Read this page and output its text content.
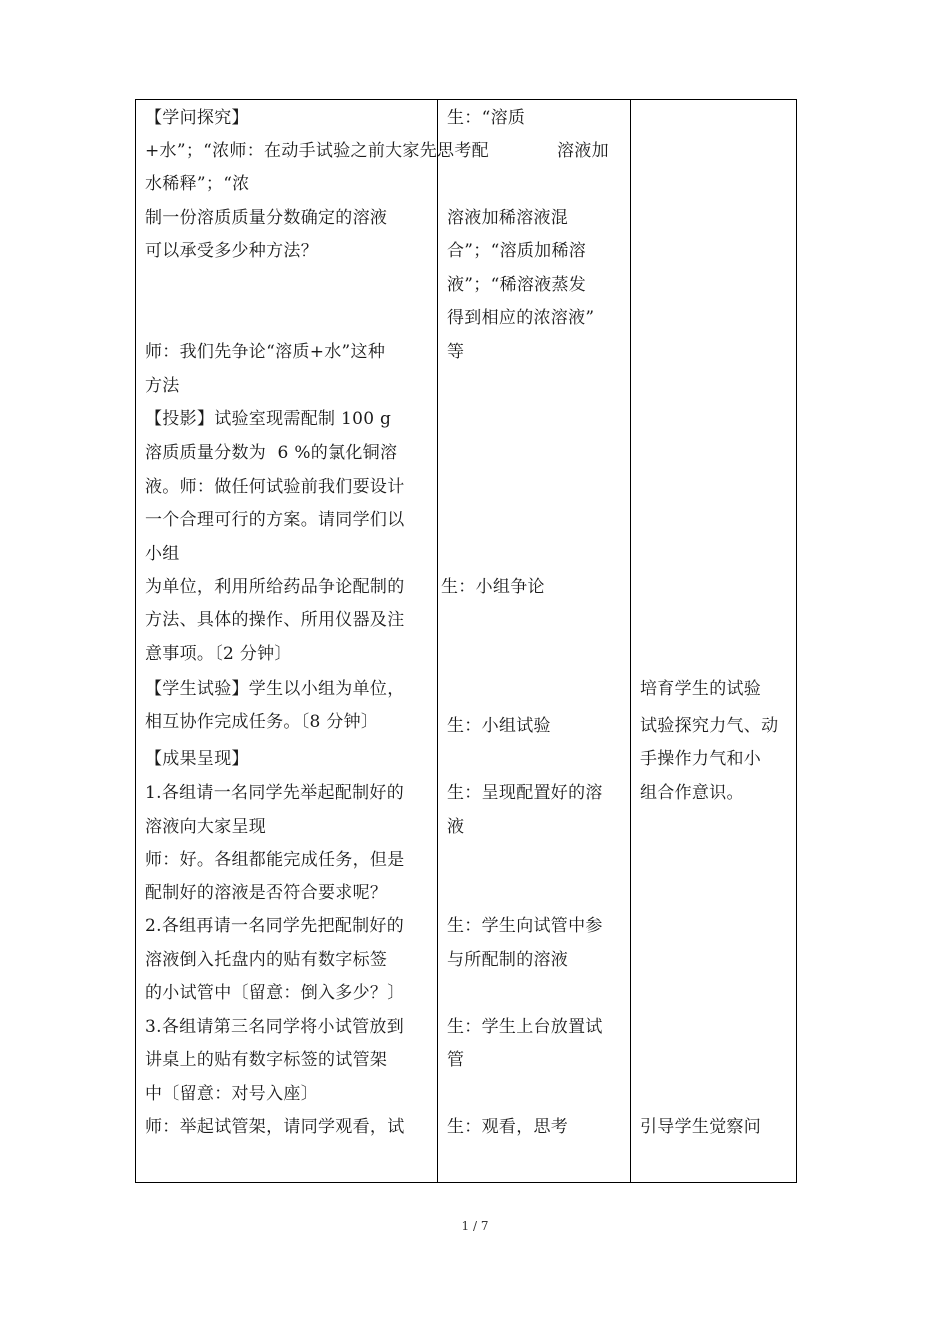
【学问探究】
+水”；“浓师：在动手试验之前大家先思考配
水稀释”；“浓
制一份溶质质量分数确定的溶液
可以承受多少种方法？
师：我们先争论“溶质+水”这种
方法
【投影】试验室现需配制 100 g
溶质质量分数为  6 %的氯化铜溶
液。师：做任何试验前我们要设计
一个合理可行的方案。请同学们以
小组
为单位，利用所给药品争论配制的
方法、具体的操作、所用仪器及注
意事项。〔2 分钟〕
【学生试验】学生以小组为单位，
相互协作完成任务。〔8 分钟〕
【成果呈现】
1.各组请一名同学先举起配制好的
溶液向大家呈现
师：好。各组都能完成任务，但是
配制好的溶液是否符合要求呢？
2.各组再请一名同学先把配制好的
溶液倒入托盘内的贴有数字标签
的小试管中〔留意：倒入多少？〕
3.各组请第三名同学将小试管放到
讲桌上的贴有数字标签的试管架
中〔留意：对号入座〕
师：举起试管架，请同学观看，试
生：“溶质
溶液加
溶液加稀溶液混
合”；“溶质加稀溶
液”；“稀溶液蒸发
得到相应的浓溶液”
等
生：小组争论
生：小组试验
生：呈现配置好的溶
液
生：学生向试管中参
与所配制的溶液
生：学生上台放置试
管
生：观看，思考
培育学生的试验
试验探究力气、动
手操作力气和小
组合作意识。
引导学生觉察问
1 / 7
